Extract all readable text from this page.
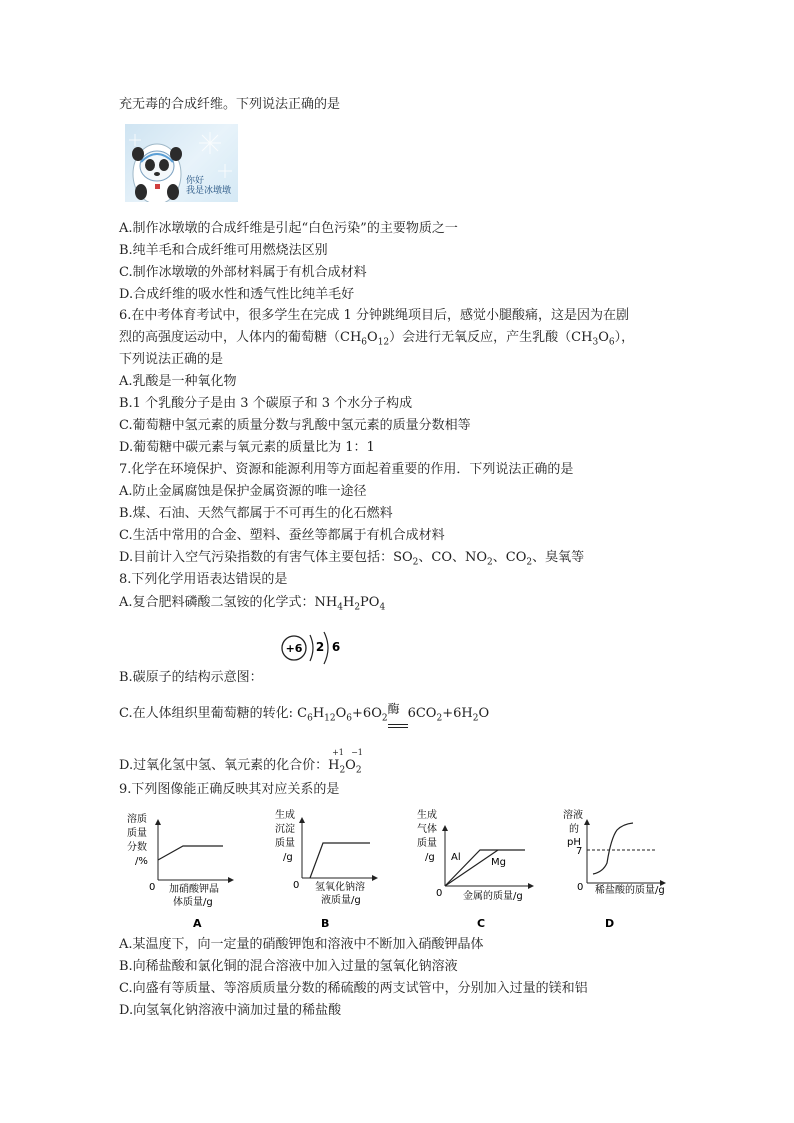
充无毒的合成纤维。下列说法正确的是
你好
我是冰墩墩
A.制作冰墩墩的合成纤维是引起“白色污染”的主要物质之一
B.纯羊毛和合成纤维可用燃烧法区别
C.制作冰墩墩的外部材料属于有机合成材料
D.合成纤维的吸水性和透气性比纯羊毛好
6.在中考体育考试中，很多学生在完成 1 分钟跳绳项目后，感觉小腿酸痛，这是因为在剧
烈的高强度运动中，人体内的葡萄糖$(CH_6O_{12})$会进行无氧反应，产生乳酸$(CH_3O_6)$，
下列说法正确的是
A.乳酸是一种氧化物
B.1 个乳酸分子是由 3 个碳原子和 3 个水分子构成
C.葡萄糖中氢元素的质量分数与乳酸中氢元素的质量分数相等
D.葡萄糖中碳元素与氧元素的质量比为 1：1
7.化学在环境保护、资源和能源利用等方面起着重要的作用．下列说法正确的是
A.防止金属腐蚀是保护金属资源的唯一途径
B.煤、石油、天然气都属于不可再生的化石燃料
C.生活中常用的合金、塑料、蚕丝等都属于有机合成材料
D.目前计入空气污染指数的有害气体主要包括：$SO_2$、CO、$NO_2$、$CO_2$、臭氧等
8.下列化学用语表达错误的是
A.复合肥料磷酸二氢铵的化学式：$NH_4H_2PO_4$
+6 2 6
B.碳原子的结构示意图：
C.在人体组织里葡萄糖的转化: $C_6H_{12}O_6+6O_2$
酶 $6CO_2+6H_2O$
D.过氧化氢中氢、氧元素的化合价：
+1 −1
$H_2O_2$
9.下列图像能正确反映其对应关系的是
溶质
质量
分数
/%
0 加硝酸钾晶
体质量/g
A
生成
沉淀
质量
/g
0 氢氧化钠溶
液质量/g
B
生成
气体
质量
/g Al	Mg
0 金属的质量/g
C
溶液
的
pH
7
0 稀盐酸的质量/g
D
A.某温度下，向一定量的硝酸钾饱和溶液中不断加入硝酸钾晶体
B.向稀盐酸和氯化铜的混合溶液中加入过量的氢氧化钠溶液
C.向盛有等质量、等溶质质量分数的稀硫酸的两支试管中，分别加入过量的镁和铝
D.向氢氧化钠溶液中滴加过量的稀盐酸
